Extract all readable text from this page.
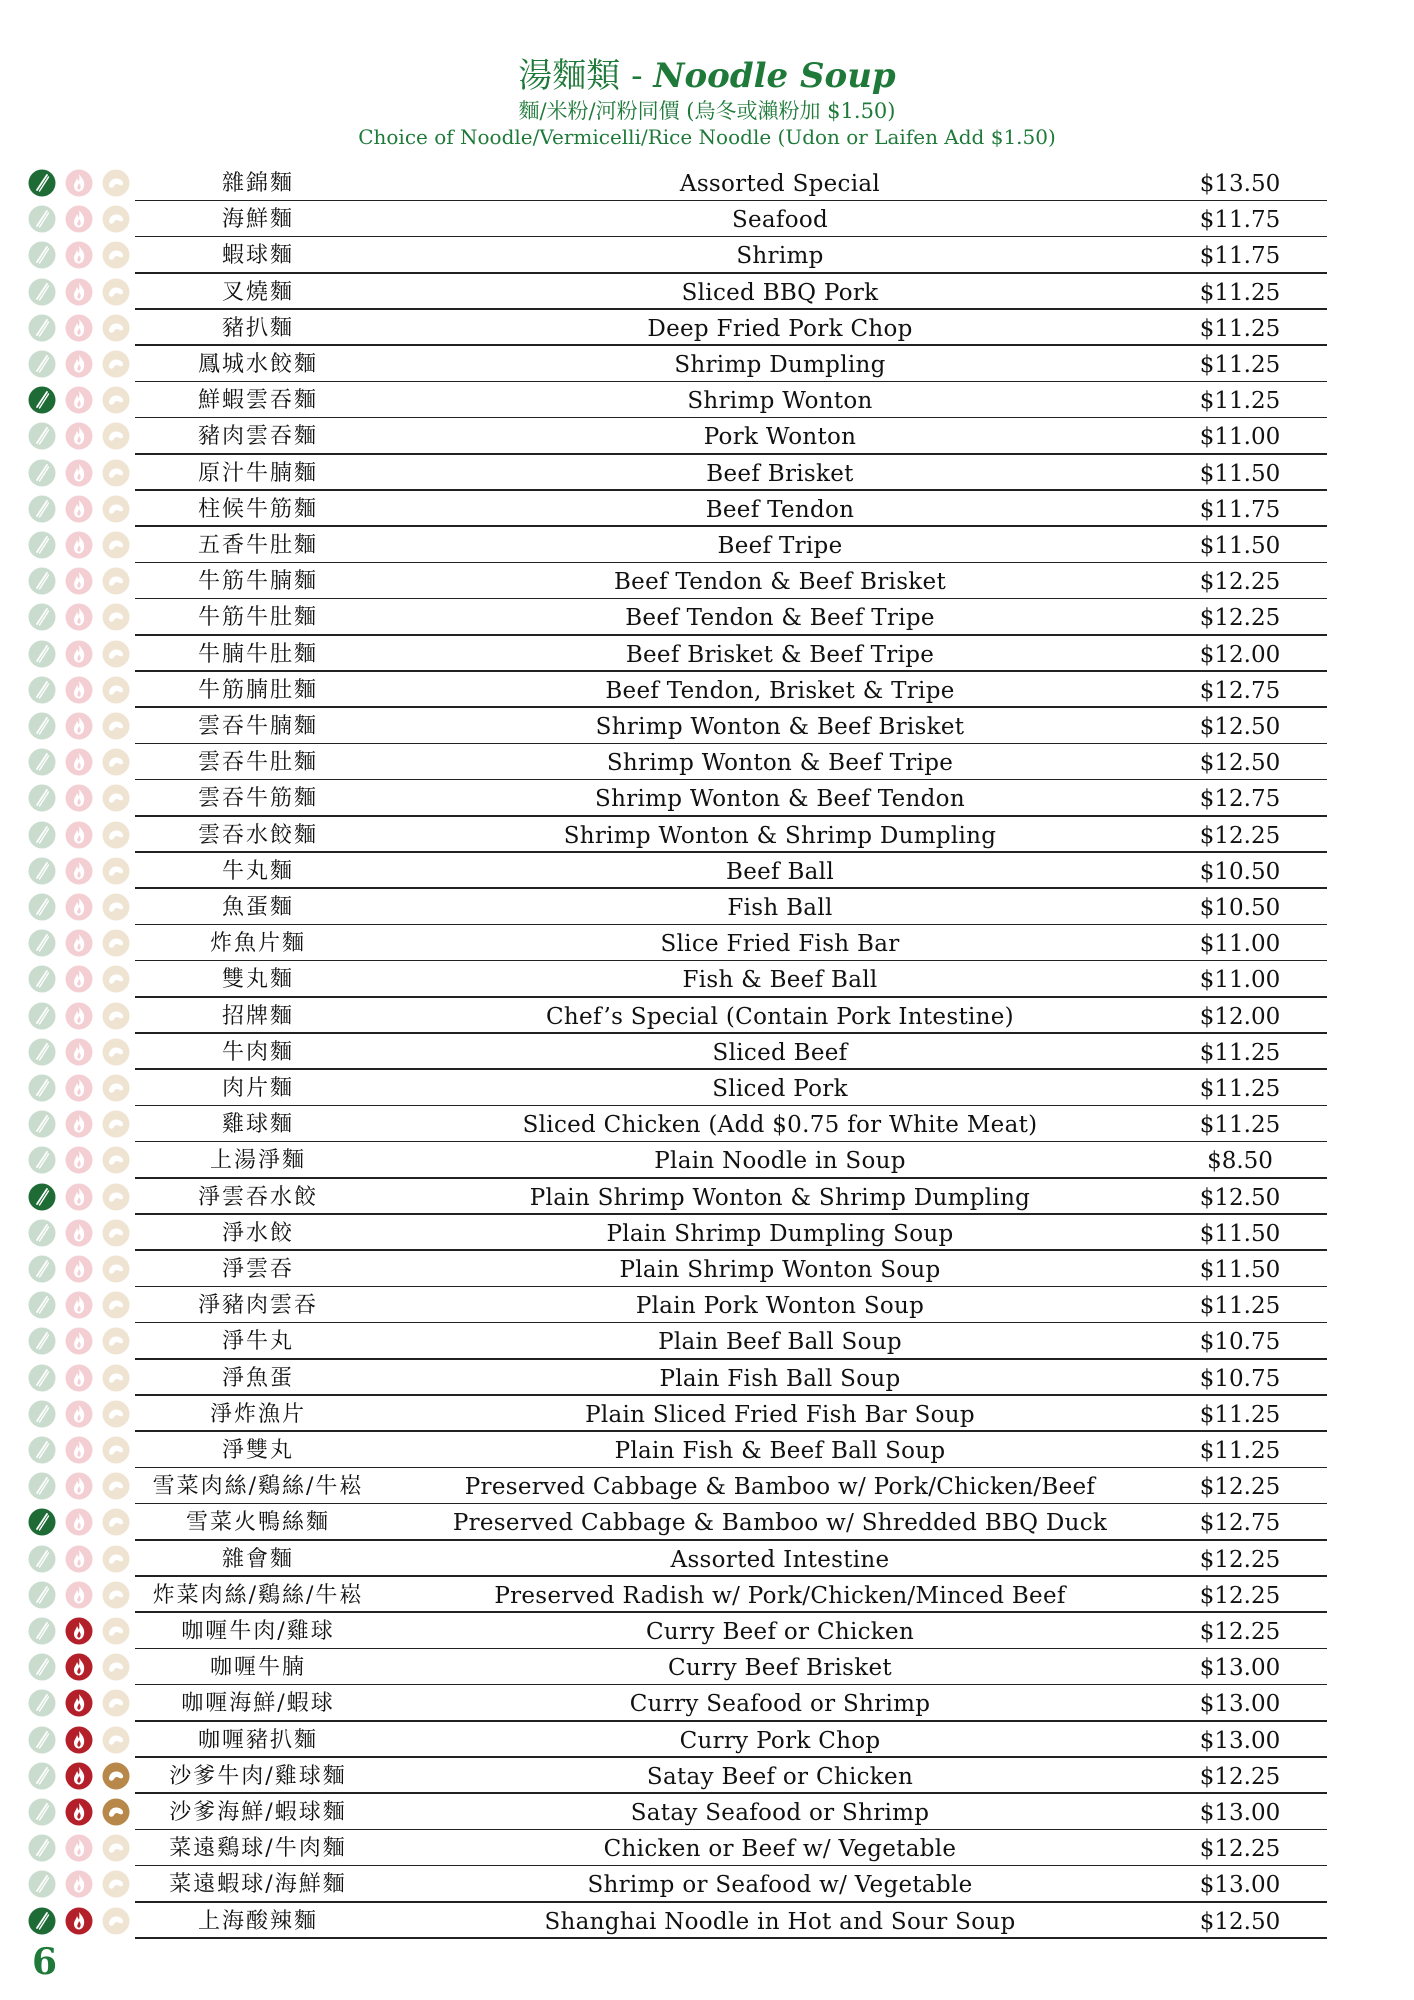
湯麵類 - Noodle Soup
麵/米粉/河粉同價 (烏冬或瀨粉加 $1.50)
Choice of Noodle/Vermicelli/Rice Noodle (Udon or Laifen Add $1.50)
雜錦麵	Assorted Special	$13.50
海鮮麵	Seafood	$11.75
蝦球麵	Shrimp	$11.75
叉燒麵	Sliced BBQ Pork	$11.25
豬扒麵	Deep Fried Pork Chop	$11.25
鳳城水餃麵	Shrimp Dumpling	$11.25
鮮蝦雲吞麵	Shrimp Wonton	$11.25
豬肉雲吞麵	Pork Wonton	$11.00
原汁牛腩麵	Beef Brisket	$11.50
柱候牛筋麵	Beef Tendon	$11.75
五香牛肚麵	Beef Tripe	$11.50
牛筋牛腩麵	Beef Tendon & Beef Brisket	$12.25
牛筋牛肚麵	Beef Tendon & Beef Tripe	$12.25
牛腩牛肚麵	Beef Brisket & Beef Tripe	$12.00
牛筋腩肚麵	Beef Tendon, Brisket & Tripe	$12.75
雲吞牛腩麵	Shrimp Wonton & Beef Brisket	$12.50
雲吞牛肚麵	Shrimp Wonton & Beef Tripe	$12.50
雲吞牛筋麵	Shrimp Wonton & Beef Tendon	$12.75
雲吞水餃麵	Shrimp Wonton & Shrimp Dumpling	$12.25
牛丸麵	Beef Ball	$10.50
魚蛋麵	Fish Ball	$10.50
炸魚片麵	Slice Fried Fish Bar	$11.00
雙丸麵	Fish & Beef Ball	$11.00
招牌麵	Chef’s Special (Contain Pork Intestine)	$12.00
牛肉麵	Sliced Beef	$11.25
肉片麵	Sliced Pork	$11.25
雞球麵	Sliced Chicken (Add $0.75 for White Meat)	$11.25
上湯淨麵	Plain Noodle in Soup	$8.50
淨雲吞水餃	Plain Shrimp Wonton & Shrimp Dumpling	$12.50
淨水餃	Plain Shrimp Dumpling Soup	$11.50
淨雲吞	Plain Shrimp Wonton Soup	$11.50
淨豬肉雲吞	Plain Pork Wonton Soup	$11.25
淨牛丸	Plain Beef Ball Soup	$10.75
淨魚蛋	Plain Fish Ball Soup	$10.75
淨炸漁片	Plain Sliced Fried Fish Bar Soup	$11.25
淨雙丸	Plain Fish & Beef Ball Soup	$11.25
雪菜肉絲/鷄絲/牛崧	Preserved Cabbage & Bamboo w/ Pork/Chicken/Beef	$12.25
雪菜火鴨絲麵	Preserved Cabbage & Bamboo w/ Shredded BBQ Duck	$12.75
雜會麵	Assorted Intestine	$12.25
炸菜肉絲/鷄絲/牛崧	Preserved Radish w/ Pork/Chicken/Minced Beef	$12.25
咖喱牛肉/雞球	Curry Beef or Chicken	$12.25
咖喱牛腩	Curry Beef Brisket	$13.00
咖喱海鮮/蝦球	Curry Seafood or Shrimp	$13.00
咖喱豬扒麵	Curry Pork Chop	$13.00
沙爹牛肉/雞球麵	Satay Beef or Chicken	$12.25
沙爹海鮮/蝦球麵	Satay Seafood or Shrimp	$13.00
菜遠鷄球/牛肉麵	Chicken or Beef w/ Vegetable	$12.25
菜遠蝦球/海鮮麵	Shrimp or Seafood w/ Vegetable	$13.00
上海酸辣麵	Shanghai Noodle in Hot and Sour Soup	$12.50
6
